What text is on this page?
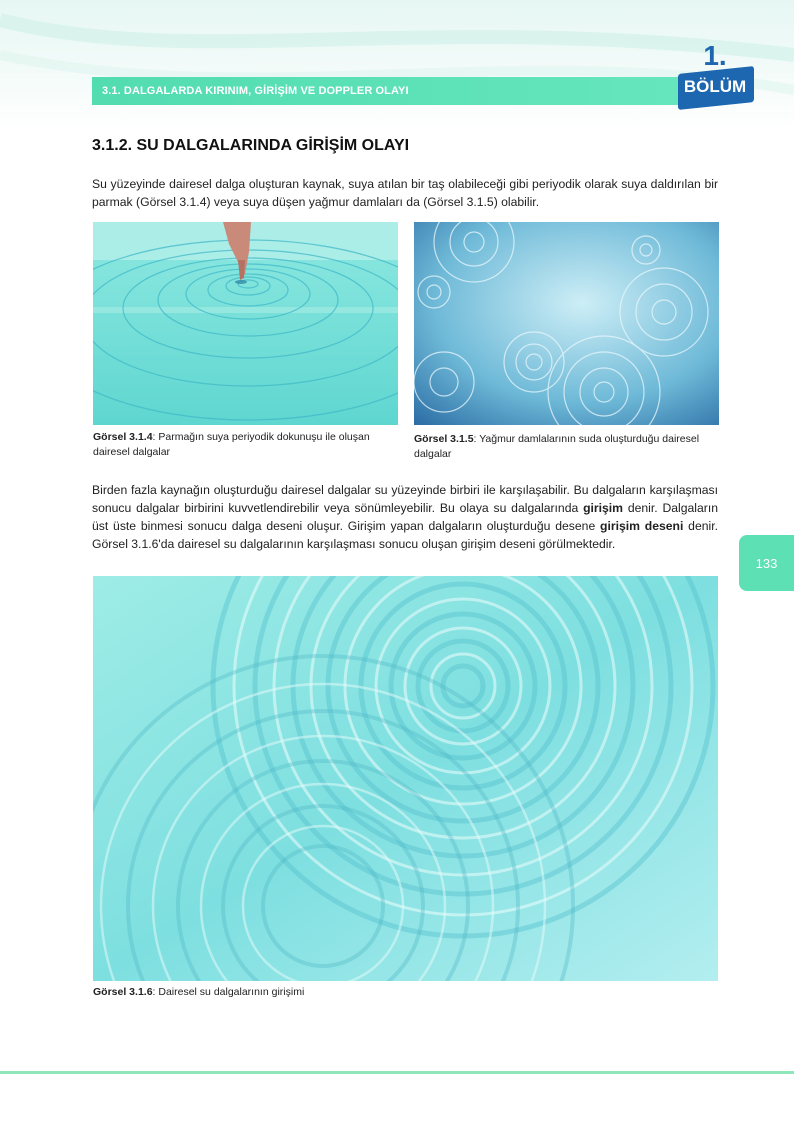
3.1. DALGALARDA KIRINIM, GİRİŞİM VE DOPPLER OLAYI
1.
BÖLÜM
3.1.2. SU DALGALARINDA GİRİŞİM OLAYI

Su yüzeyinde dairesel dalga oluşturan kaynak, suya atılan bir taş olabileceği gibi periyodik olarak suya daldırılan bir parmak (Görsel 3.1.4) veya suya düşen yağmur damlaları da (Görsel 3.1.5) olabilir.

Görsel 3.1.4: Parmağın suya periyodik dokunuşu ile oluşan dairesel dalgalar
Görsel 3.1.5: Yağmur damlalarının suda oluşturduğu dairesel dalgalar

Birden fazla kaynağın oluşturduğu dairesel dalgalar su yüzeyinde birbiri ile karşılaşabilir. Bu dalgaların karşılaşması sonucu dalgalar birbirini kuvvetlendirebilir veya sönümleyebilir. Bu olaya su dalgalarında girişim denir. Dalgaların üst üste binmesi sonucu dalga deseni oluşur. Girişim yapan dalgaların oluşturduğu desene girişim deseni denir. Görsel 3.1.6'da dairesel su dalgalarının karşılaşması sonucu oluşan girişim deseni görülmektedir.

133
Görsel 3.1.6: Dairesel su dalgalarının girişimi
